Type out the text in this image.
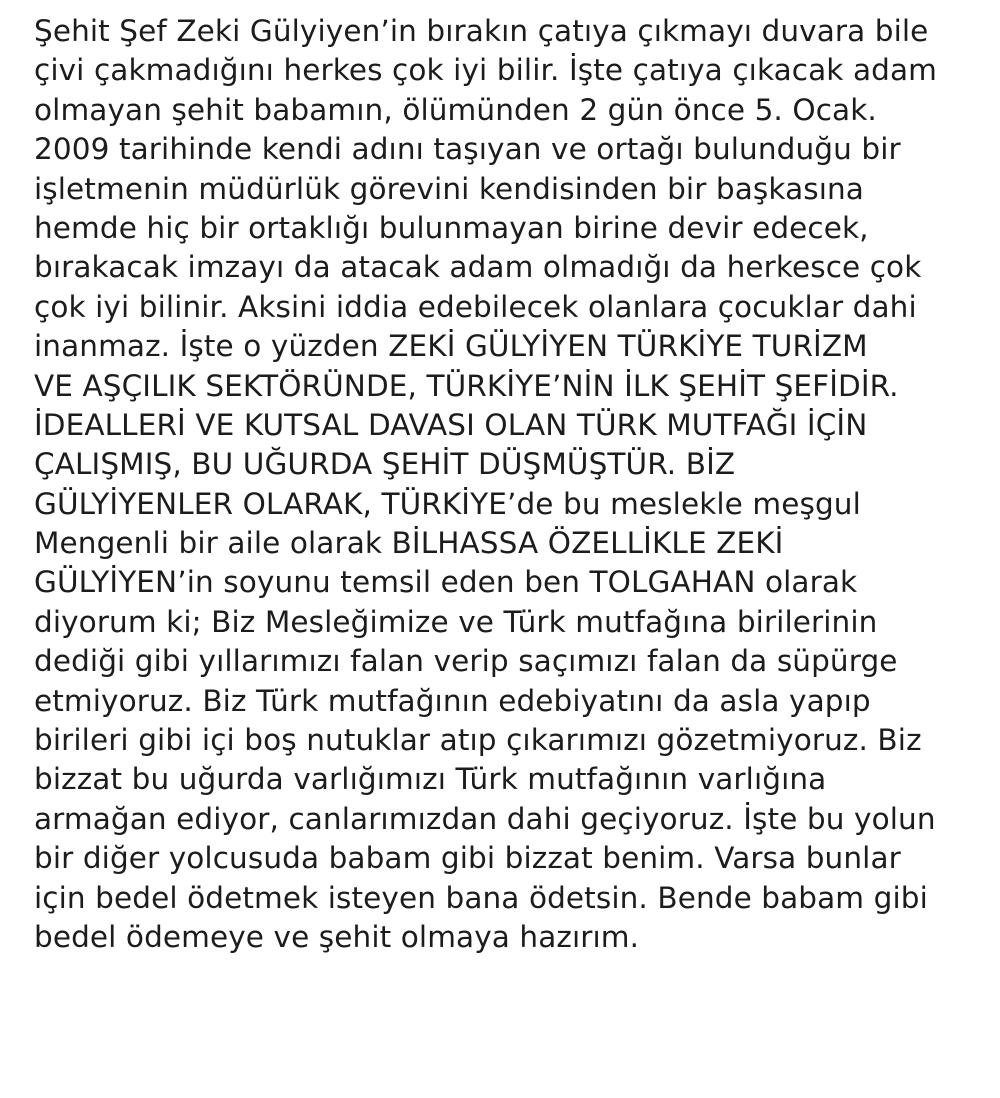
Şehit Şef Zeki Gülyiyen’in bırakın çatıya çıkmayı duvara bile
çivi çakmadığını herkes çok iyi bilir. İşte çatıya çıkacak adam
olmayan şehit babamın, ölümünden 2 gün önce 5. Ocak.
2009 tarihinde kendi adını taşıyan ve ortağı bulunduğu bir
işletmenin müdürlük görevini kendisinden bir başkasına
hemde hiç bir ortaklığı bulunmayan birine devir edecek,
bırakacak imzayı da atacak adam olmadığı da herkesce çok
çok iyi bilinir. Aksini iddia edebilecek olanlara çocuklar dahi
inanmaz. İşte o yüzden ZEKİ GÜLYİYEN TÜRKİYE TURİZM
VE AŞÇILIK SEKTÖRÜNDE, TÜRKİYE’NİN İLK ŞEHİT ŞEFİDİR.
İDEALLERİ VE KUTSAL DAVASI OLAN TÜRK MUTFAĞI İÇİN
ÇALIŞMIŞ, BU UĞURDA ŞEHİT DÜŞMÜŞTÜR. BİZ
GÜLYİYENLER OLARAK, TÜRKİYE’de bu meslekle meşgul
Mengenli bir aile olarak BİLHASSA ÖZELLİKLE ZEKİ
GÜLYİYEN’in soyunu temsil eden ben TOLGAHAN olarak
diyorum ki; Biz Mesleğimize ve Türk mutfağına birilerinin
dediği gibi yıllarımızı falan verip saçımızı falan da süpürge
etmiyoruz. Biz Türk mutfağının edebiyatını da asla yapıp
birileri gibi içi boş nutuklar atıp çıkarımızı gözetmiyoruz. Biz
bizzat bu uğurda varlığımızı Türk mutfağının varlığına
armağan ediyor, canlarımızdan dahi geçiyoruz. İşte bu yolun
bir diğer yolcusuda babam gibi bizzat benim. Varsa bunlar
için bedel ödetmek isteyen bana ödetsin. Bende babam gibi
bedel ödemeye ve şehit olmaya hazırım.
